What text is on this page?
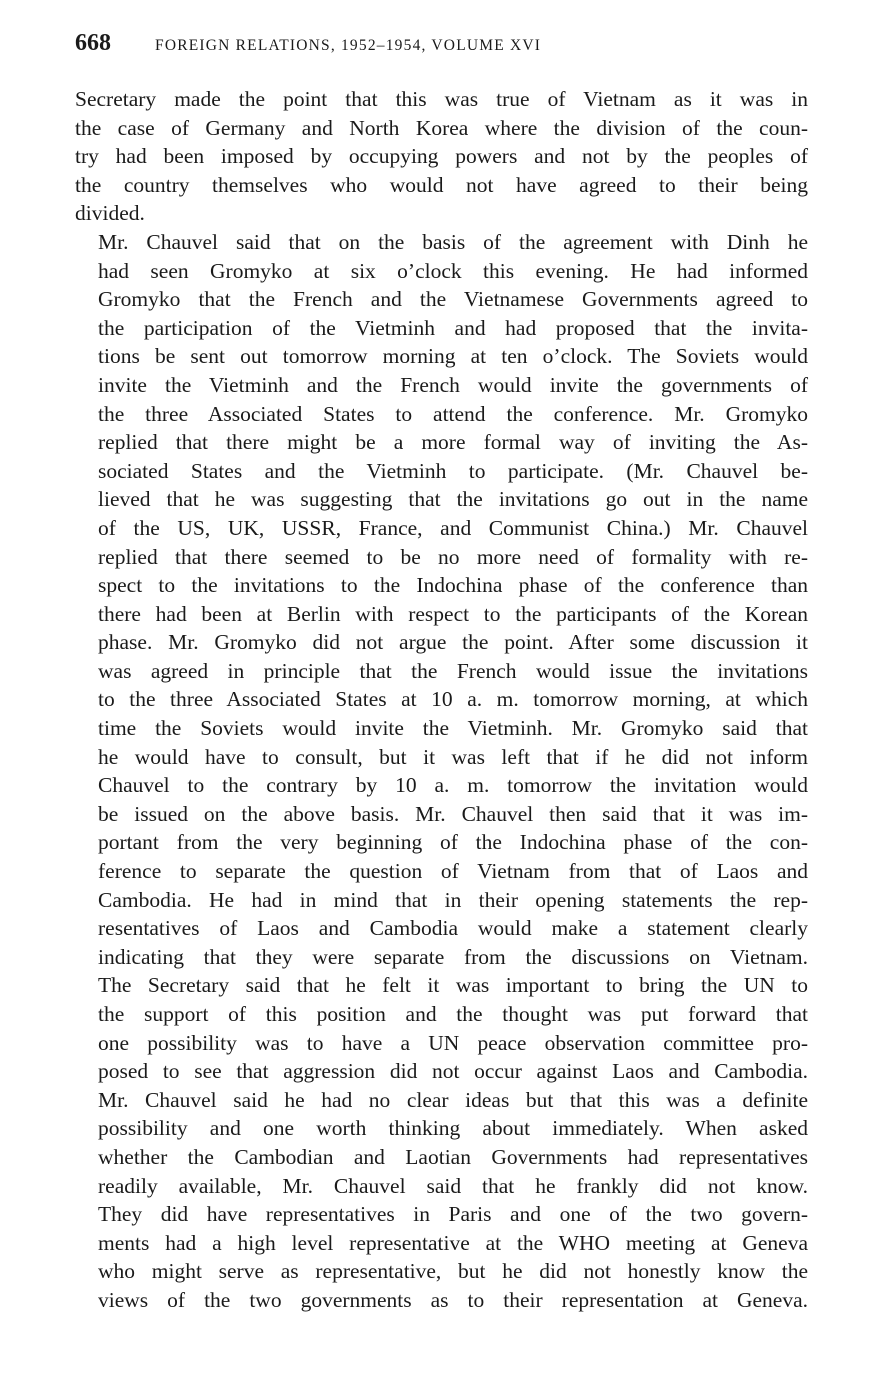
668	FOREIGN RELATIONS, 1952–1954, VOLUME XVI

Secretary made the point that this was true of Vietnam as it was in
the case of Germany and North Korea where the division of the coun-
try had been imposed by occupying powers and not by the peoples of
the country themselves who would not have agreed to their being
divided.

Mr. Chauvel said that on the basis of the agreement with Dinh he
had seen Gromyko at six o’clock this evening. He had informed
Gromyko that the French and the Vietnamese Governments agreed to
the participation of the Vietminh and had proposed that the invita-
tions be sent out tomorrow morning at ten o’clock. The Soviets would
invite the Vietminh and the French would invite the governments of
the three Associated States to attend the conference. Mr. Gromyko
replied that there might be a more formal way of inviting the As-
sociated States and the Vietminh to participate. (Mr. Chauvel be-
lieved that he was suggesting that the invitations go out in the name
of the US, UK, USSR, France, and Communist China.) Mr. Chauvel
replied that there seemed to be no more need of formality with re-
spect to the invitations to the Indochina phase of the conference than
there had been at Berlin with respect to the participants of the Korean
phase. Mr. Gromyko did not argue the point. After some discussion it
was agreed in principle that the French would issue the invitations
to the three Associated States at 10 a. m. tomorrow morning, at which
time the Soviets would invite the Vietminh. Mr. Gromyko said that
he would have to consult, but it was left that if he did not inform
Chauvel to the contrary by 10 a. m. tomorrow the invitation would
be issued on the above basis. Mr. Chauvel then said that it was im-
portant from the very beginning of the Indochina phase of the con-
ference to separate the question of Vietnam from that of Laos and
Cambodia. He had in mind that in their opening statements the rep-
resentatives of Laos and Cambodia would make a statement clearly
indicating that they were separate from the discussions on Vietnam.
The Secretary said that he felt it was important to bring the UN to
the support of this position and the thought was put forward that
one possibility was to have a UN peace observation committee pro-
posed to see that aggression did not occur against Laos and Cambodia.
Mr. Chauvel said he had no clear ideas but that this was a definite
possibility and one worth thinking about immediately. When asked
whether the Cambodian and Laotian Governments had representatives
readily available, Mr. Chauvel said that he frankly did not know.
They did have representatives in Paris and one of the two govern-
ments had a high level representative at the WHO meeting at Geneva
who might serve as representative, but he did not honestly know the
views of the two governments as to their representation at Geneva.
